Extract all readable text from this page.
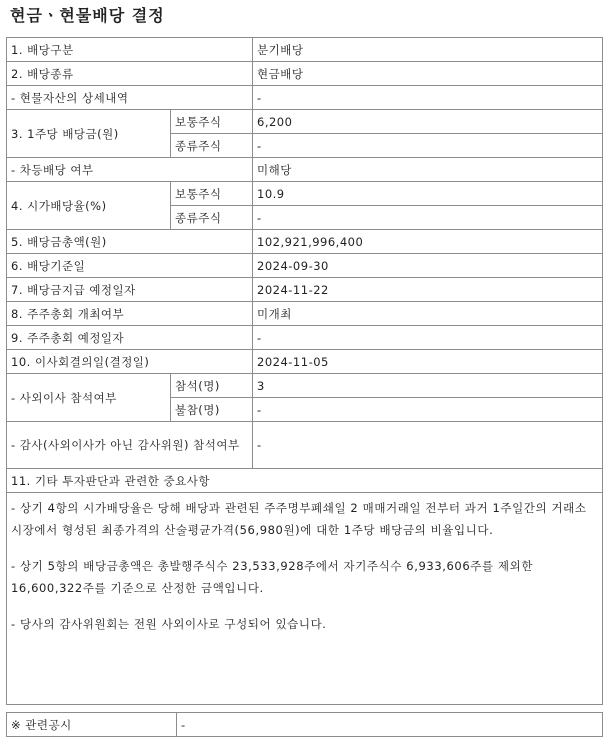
현금ㆍ현물배당 결정
1. 배당구분		분기배당
2. 배당종류		현금배당
- 현물자산의 상세내역		-
3. 1주당 배당금(원)	보통주식	6,200
	종류주식	-
- 차등배당 여부		미해당
4. 시가배당율(%)	보통주식	10.9
	종류주식	-
5. 배당금총액(원)		102,921,996,400
6. 배당기준일		2024-09-30
7. 배당금지급 예정일자		2024-11-22
8. 주주총회 개최여부		미개최
9. 주주총회 예정일자		-
10. 이사회결의일(결정일)		2024-11-05
- 사외이사 참석여부	참석(명)	3
	불참(명)	-
- 감사(사외이사가 아닌 감사위원) 참석여부		-
11. 기타 투자판단과 관련한 중요사항		

- 상기 4항의 시가배당율은 당해 배당과 관련된 주주명부폐쇄일 2 매매거래일 전부터 과거 1주일간의 거래소 시장에서 형성된 최종가격의 산술평균가격(56,980원)에 대한 1주당 배당금의 비율입니다.

- 상기 5항의 배당금총액은 총발행주식수 23,533,928주에서 자기주식수 6,933,606주를 제외한 16,600,322주를 기준으로 산정한 금액입니다.

- 당사의 감사위원회는 전원 사외이사로 구성되어 있습니다.		

※ 관련공시	-
